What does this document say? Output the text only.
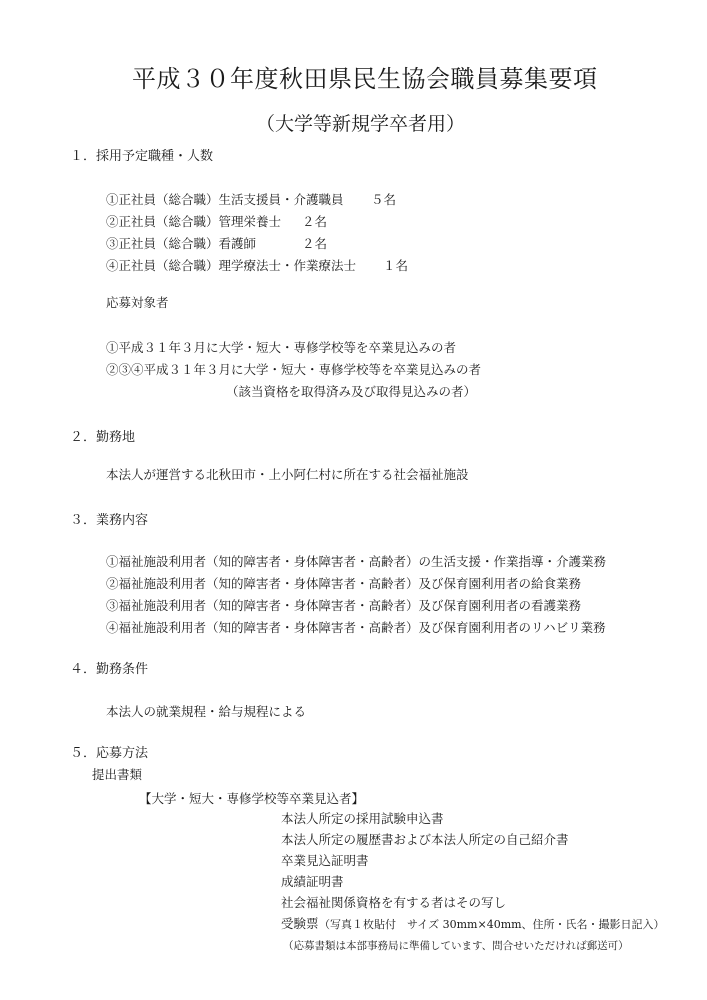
平成３０年度秋田県民生協会職員募集要項
（大学等新規学卒者用）
１．採用予定職種・人数
①正社員（総合職）生活支援員・介護職員 ５名
②正社員（総合職）管理栄養士 ２名
③正社員（総合職）看護師	２名
④正社員（総合職）理学療法士・作業療法士 １名
応募対象者
①平成３１年３月に大学・短大・専修学校等を卒業見込みの者
②③④平成３１年３月に大学・短大・専修学校等を卒業見込みの者
（該当資格を取得済み及び取得見込みの者）
２．勤務地
本法人が運営する北秋田市・上小阿仁村に所在する社会福祉施設
３．業務内容
①福祉施設利用者（知的障害者・身体障害者・高齢者）の生活支援・作業指導・介護業務
②福祉施設利用者（知的障害者・身体障害者・高齢者）及び保育園利用者の給食業務
③福祉施設利用者（知的障害者・身体障害者・高齢者）及び保育園利用者の看護業務
④福祉施設利用者（知的障害者・身体障害者・高齢者）及び保育園利用者のリハビリ業務
４．勤務条件
本法人の就業規程・給与規程による
５．応募方法
提出書類
【大学・短大・専修学校等卒業見込者】
本法人所定の採用試験申込書
本法人所定の履歴書および本法人所定の自己紹介書
卒業見込証明書
成績証明書
社会福祉関係資格を有する者はその写し
受験票 （写真１枚貼付　サイズ 30mm×40mm、住所・氏名・撮影日記入）
（応募書類は本部事務局に準備しています、問合せいただければ郵送可）
